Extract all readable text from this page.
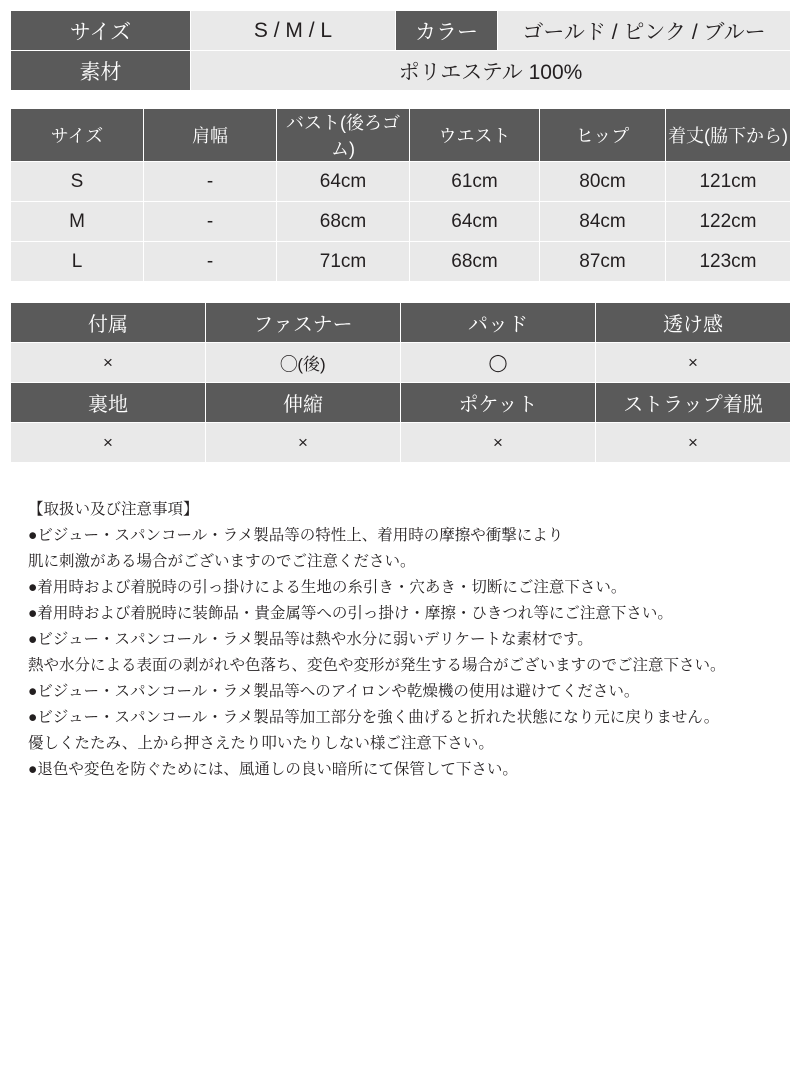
サイズ	S / M / L	カラー	ゴールド / ピンク / ブルー
素材	ポリエステル 100%		
サイズ	肩幅	バスト(後ろゴム)	ウエスト	ヒップ	着丈(脇下から)
S	-	64cm	61cm	80cm	121cm
M	-	68cm	64cm	84cm	122cm
L	-	71cm	68cm	87cm	123cm
付属	ファスナー	パッド	透け感
×	◯(後)	◯	×
裏地	伸縮	ポケット	ストラップ着脱
×	×	×	×
【取扱い及び注意事項】
●ビジュー・スパンコール・ラメ製品等の特性上、着用時の摩擦や衝撃により
肌に刺激がある場合がございますのでご注意ください。
●着用時および着脱時の引っ掛けによる生地の糸引き・穴あき・切断にご注意下さい。
●着用時および着脱時に装飾品・貴金属等への引っ掛け・摩擦・ひきつれ等にご注意下さい。
●ビジュー・スパンコール・ラメ製品等は熱や水分に弱いデリケートな素材です。
熱や水分による表面の剥がれや色落ち、変色や変形が発生する場合がございますのでご注意下さい。
●ビジュー・スパンコール・ラメ製品等へのアイロンや乾燥機の使用は避けてください。
●ビジュー・スパンコール・ラメ製品等加工部分を強く曲げると折れた状態になり元に戻りません。
優しくたたみ、上から押さえたり叩いたりしない様ご注意下さい。
●退色や変色を防ぐためには、風通しの良い暗所にて保管して下さい。
